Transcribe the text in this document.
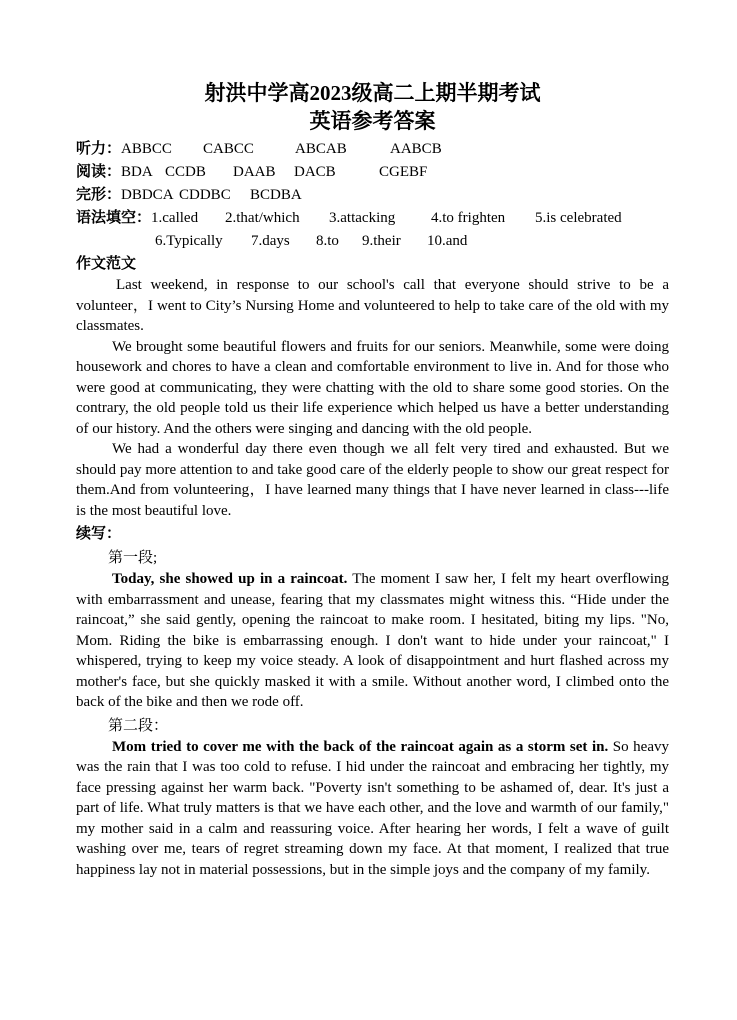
射洪中学高2023级高二上期半期考试
英语参考答案
听力：ABBCC CABCC	ABCAB	AABCB
阅读：BDA CCDB DAAB DACB	CGEBF
完形：DBDCA CDDBC BCDBA
语法填空：1.called 2.that/which 3.attacking 4.to frighten 5.is celebrated
6.Typically 7.days 8.to 9.their 10.and
作文范文

Last weekend, in response to our school's call that everyone should strive to be a volunteer，I went to City’s Nursing Home and volunteered to help to take care of the old with my classmates.

We brought some beautiful flowers and fruits for our seniors. Meanwhile, some were doing housework and chores to have a clean and comfortable environment to live in. And for those who were good at communicating, they were chatting with the old to share some good stories. On the contrary, the old people told us their life experience which helped us have a better understanding of our history. And the others were singing and dancing with the old people.

We had a wonderful day there even though we all felt very tired and exhausted. But we should pay more attention to and take good care of the elderly people to show our great respect for them.And from volunteering，I have learned many things that I have never learned in class---life is the most beautiful love.

续写：
第一段;

Today, she showed up in a raincoat. The moment I saw her, I felt my heart overflowing with embarrassment and unease, fearing that my classmates might witness this. “Hide under the raincoat,” she said gently, opening the raincoat to make room. I hesitated, biting my lips. "No, Mom. Riding the bike is embarrassing enough. I don't want to hide under your raincoat," I whispered, trying to keep my voice steady. A look of disappointment and hurt flashed across my mother's face, but she quickly masked it with a smile. Without another word, I climbed onto the back of the bike and then we rode off.

第二段：

Mom tried to cover me with the back of the raincoat again as a storm set in. So heavy was the rain that I was too cold to refuse. I hid under the raincoat and embracing her tightly, my face pressing against her warm back. "Poverty isn't something to be ashamed of, dear. It's just a part of life. What truly matters is that we have each other, and the love and warmth of our family," my mother said in a calm and reassuring voice. After hearing her words, I felt a wave of guilt washing over me, tears of regret streaming down my face. At that moment, I realized that true happiness lay not in material possessions, but in the simple joys and the company of my family.
